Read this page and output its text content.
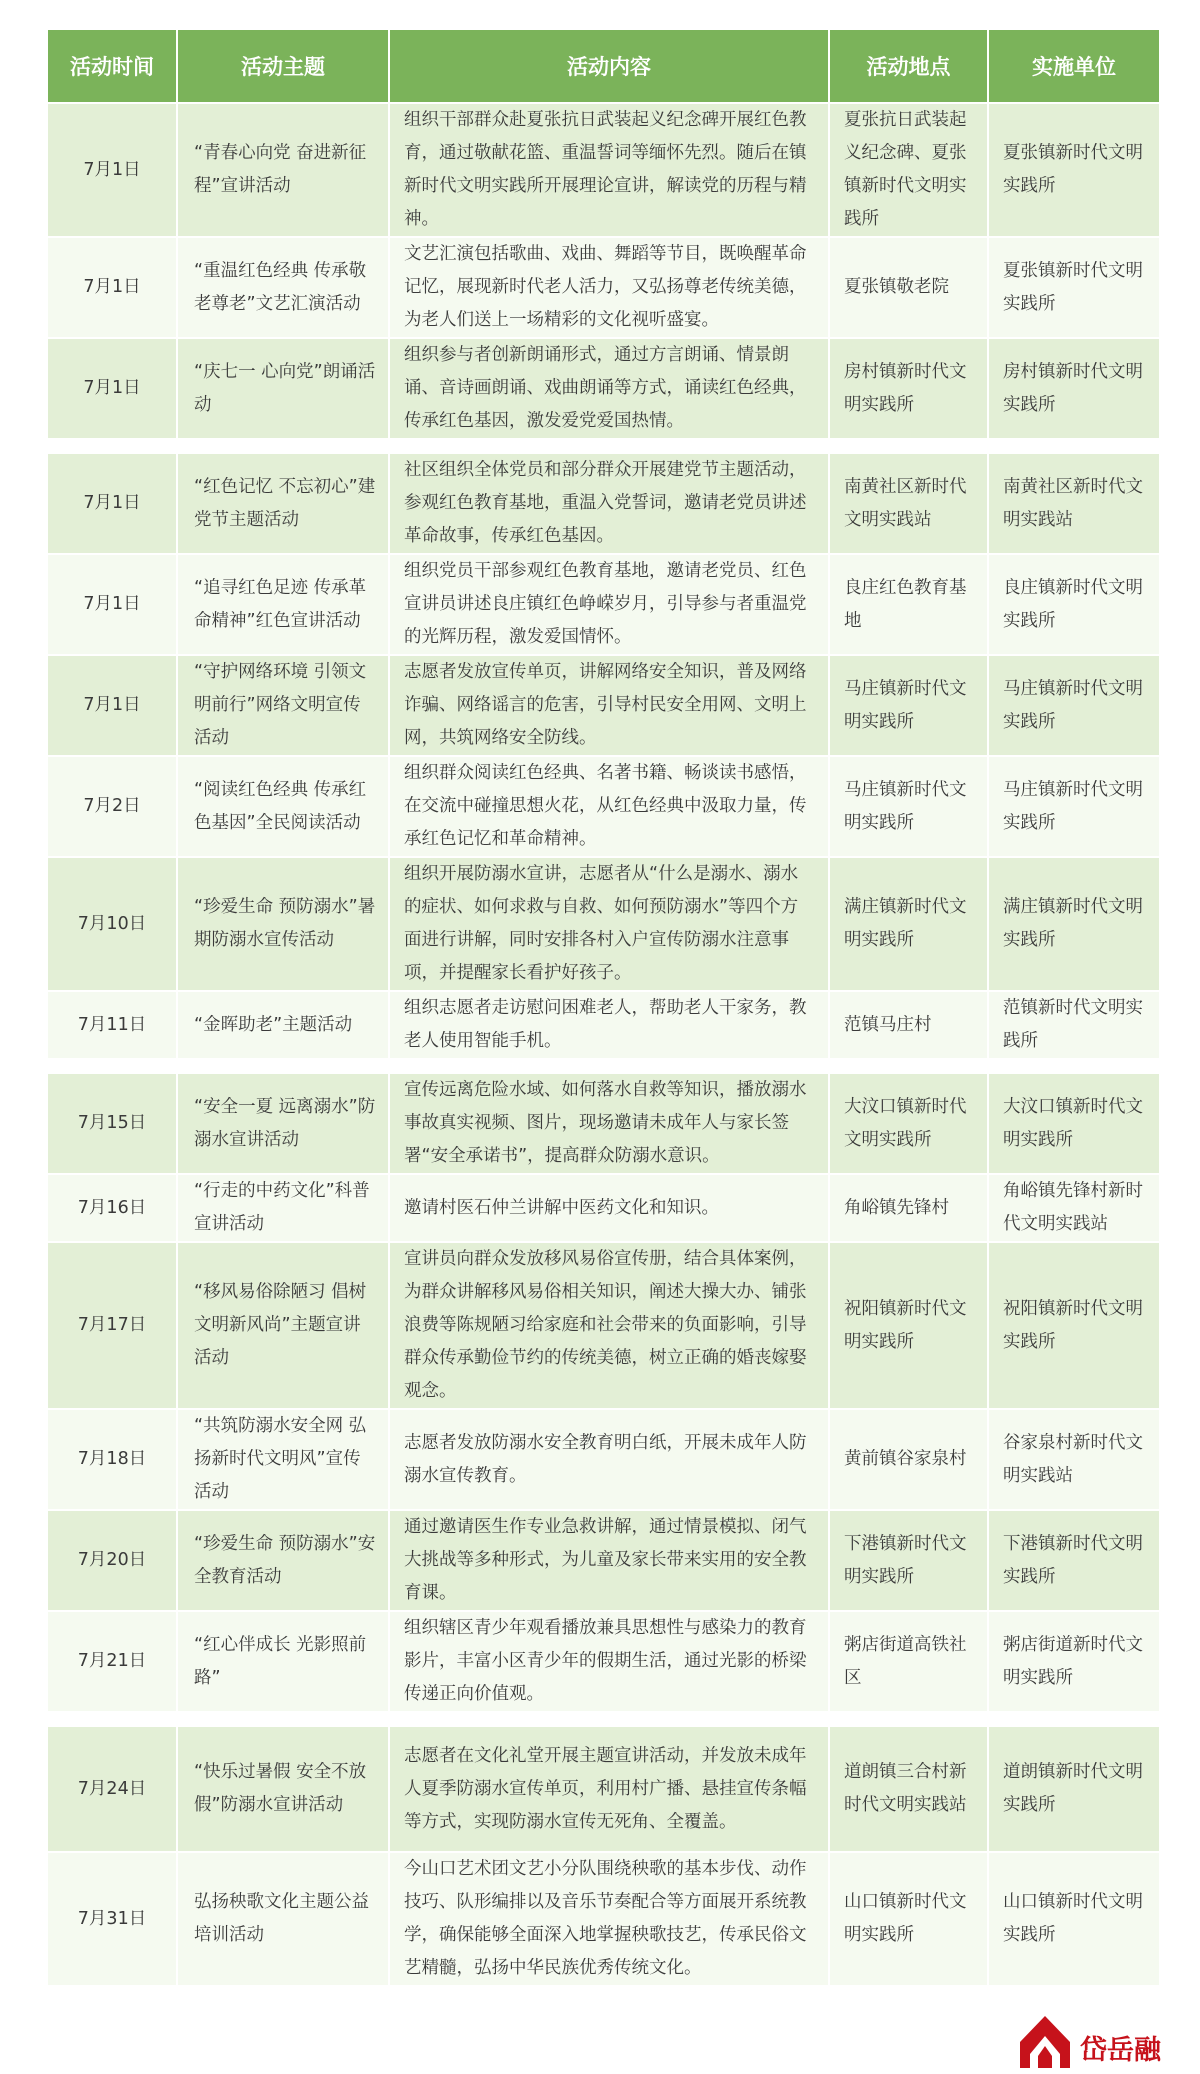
活动时间	活动主题	活动内容	活动地点	实施单位
7月1日	“青春心向党 奋进新征程”宣讲活动	组织干部群众赴夏张抗日武装起义纪念碑开展红色教育，通过敬献花篮、重温誓词等缅怀先烈。随后在镇新时代文明实践所开展理论宣讲，解读党的历程与精神。	夏张抗日武装起义纪念碑、夏张镇新时代文明实践所	夏张镇新时代文明实践所
7月1日	“重温红色经典 传承敬老尊老”文艺汇演活动	文艺汇演包括歌曲、戏曲、舞蹈等节目，既唤醒革命记忆，展现新时代老人活力，又弘扬尊老传统美德，为老人们送上一场精彩的文化视听盛宴。	夏张镇敬老院	夏张镇新时代文明实践所
7月1日	“庆七一 心向党”朗诵活动	组织参与者创新朗诵形式，通过方言朗诵、情景朗诵、音诗画朗诵、戏曲朗诵等方式，诵读红色经典，传承红色基因，激发爱党爱国热情。	房村镇新时代文明实践所	房村镇新时代文明实践所

7月1日	“红色记忆 不忘初心”建党节主题活动	社区组织全体党员和部分群众开展建党节主题活动，参观红色教育基地，重温入党誓词，邀请老党员讲述革命故事，传承红色基因。	南黄社区新时代文明实践站	南黄社区新时代文明实践站
7月1日	“追寻红色足迹 传承革命精神”红色宣讲活动	组织党员干部参观红色教育基地，邀请老党员、红色宣讲员讲述良庄镇红色峥嵘岁月，引导参与者重温党的光辉历程，激发爱国情怀。	良庄红色教育基地	良庄镇新时代文明实践所
7月1日	“守护网络环境 引领文明前行”网络文明宣传活动	志愿者发放宣传单页，讲解网络安全知识，普及网络诈骗、网络谣言的危害，引导村民安全用网、文明上网，共筑网络安全防线。	马庄镇新时代文明实践所	马庄镇新时代文明实践所
7月2日	“阅读红色经典 传承红色基因”全民阅读活动	组织群众阅读红色经典、名著书籍、畅谈读书感悟，在交流中碰撞思想火花，从红色经典中汲取力量，传承红色记忆和革命精神。	马庄镇新时代文明实践所	马庄镇新时代文明实践所
7月10日	“珍爱生命 预防溺水”暑期防溺水宣传活动	组织开展防溺水宣讲，志愿者从“什么是溺水、溺水的症状、如何求救与自救、如何预防溺水”等四个方面进行讲解，同时安排各村入户宣传防溺水注意事项，并提醒家长看护好孩子。	满庄镇新时代文明实践所	满庄镇新时代文明实践所
7月11日	“金晖助老”主题活动	组织志愿者走访慰问困难老人，帮助老人干家务，教老人使用智能手机。	范镇马庄村	范镇新时代文明实践所

7月15日	“安全一夏 远离溺水”防溺水宣讲活动	宣传远离危险水域、如何落水自救等知识，播放溺水事故真实视频、图片，现场邀请未成年人与家长签署“安全承诺书”，提高群众防溺水意识。	大汶口镇新时代文明实践所	大汶口镇新时代文明实践所
7月16日	“行走的中药文化”科普宣讲活动	邀请村医石仲兰讲解中医药文化和知识。	角峪镇先锋村	角峪镇先锋村新时代文明实践站
7月17日	“移风易俗除陋习 倡树文明新风尚”主题宣讲活动	宣讲员向群众发放移风易俗宣传册，结合具体案例，为群众讲解移风易俗相关知识，阐述大操大办、铺张浪费等陈规陋习给家庭和社会带来的负面影响，引导群众传承勤俭节约的传统美德，树立正确的婚丧嫁娶观念。	祝阳镇新时代文明实践所	祝阳镇新时代文明实践所
7月18日	“共筑防溺水安全网 弘扬新时代文明风”宣传活动	志愿者发放防溺水安全教育明白纸，开展未成年人防溺水宣传教育。	黄前镇谷家泉村	谷家泉村新时代文明实践站
7月20日	“珍爱生命 预防溺水”安全教育活动	通过邀请医生作专业急救讲解，通过情景模拟、闭气大挑战等多种形式，为儿童及家长带来实用的安全教育课。	下港镇新时代文明实践所	下港镇新时代文明实践所
7月21日	“红心伴成长 光影照前路”	组织辖区青少年观看播放兼具思想性与感染力的教育影片，丰富小区青少年的假期生活，通过光影的桥梁传递正向价值观。	粥店街道高铁社区	粥店街道新时代文明实践所

7月24日	“快乐过暑假 安全不放假”防溺水宣讲活动	志愿者在文化礼堂开展主题宣讲活动，并发放未成年人夏季防溺水宣传单页，利用村广播、悬挂宣传条幅等方式，实现防溺水宣传无死角、全覆盖。	道朗镇三合村新时代文明实践站	道朗镇新时代文明实践所
7月31日	弘扬秧歌文化主题公益培训活动	今山口艺术团文艺小分队围绕秧歌的基本步伐、动作技巧、队形编排以及音乐节奏配合等方面展开系统教学，确保能够全面深入地掌握秧歌技艺，传承民俗文艺精髓，弘扬中华民族优秀传统文化。	山口镇新时代文明实践所	山口镇新时代文明实践所
岱岳融
